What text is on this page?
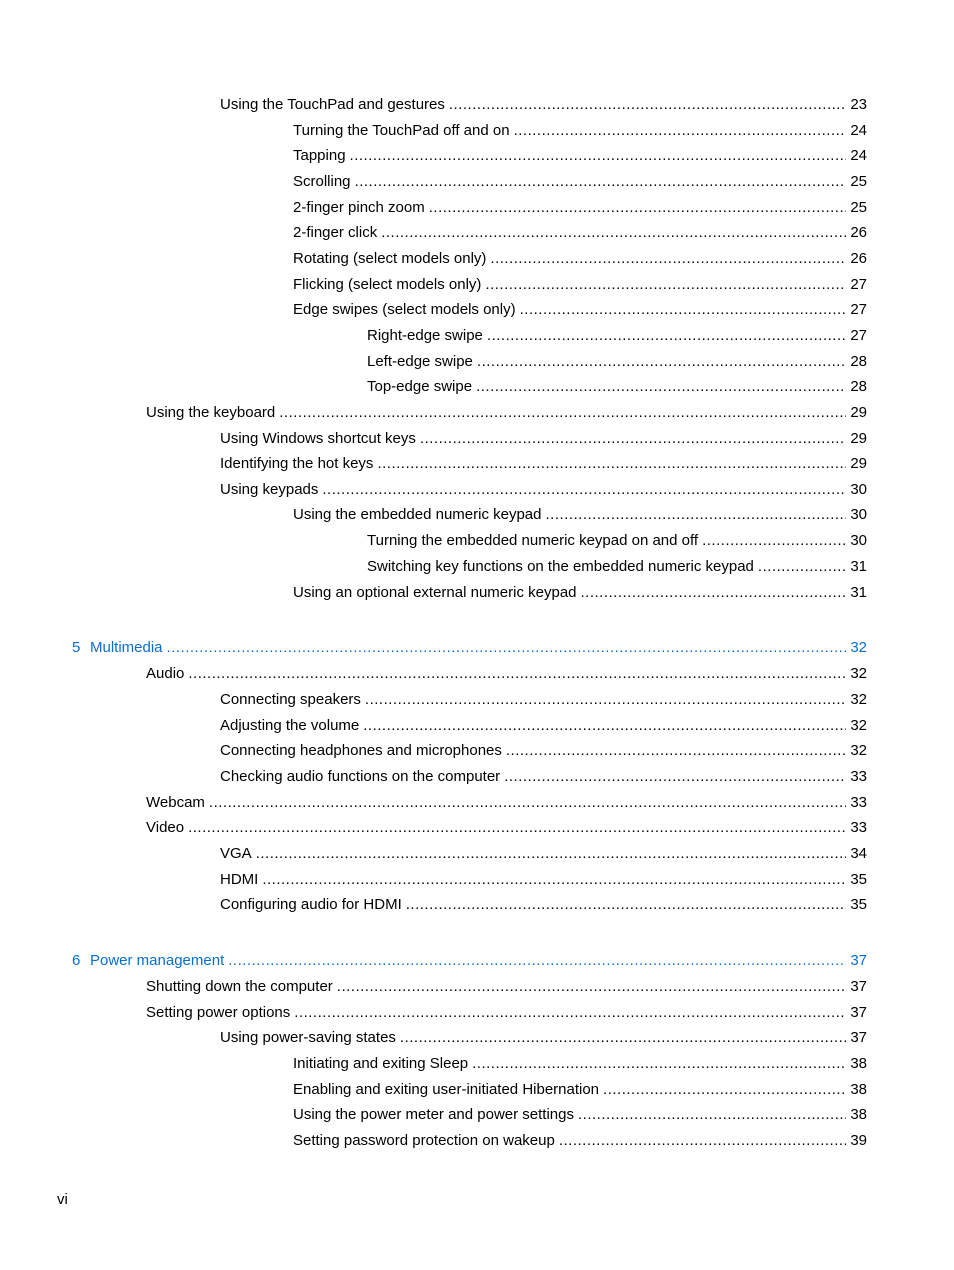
Using the TouchPad and gestures .....	23
Turning the TouchPad off and on .....	24
Tapping .....	24
Scrolling .....	25
2-finger pinch zoom .....	25
2-finger click .....	26
Rotating (select models only) .....	26
Flicking (select models only) .....	27
Edge swipes (select models only) .....	27
Right-edge swipe .....	27
Left-edge swipe .....	28
Top-edge swipe .....	28
Using the keyboard .....	29
Using Windows shortcut keys .....	29
Identifying the hot keys .....	29
Using keypads .....	30
Using the embedded numeric keypad .....	30
Turning the embedded numeric keypad on and off .....	30
Switching key functions on the embedded numeric keypad .....	31
Using an optional external numeric keypad .....	31
5 Multimedia .....	32
Audio .....	32
Connecting speakers .....	32
Adjusting the volume .....	32
Connecting headphones and microphones .....	32
Checking audio functions on the computer .....	33
Webcam .....	33
Video .....	33
VGA .....	34
HDMI .....	35
Configuring audio for HDMI .....	35
6 Power management .....	37
Shutting down the computer .....	37
Setting power options .....	37
Using power-saving states .....	37
Initiating and exiting Sleep .....	38
Enabling and exiting user-initiated Hibernation .....	38
Using the power meter and power settings .....	38
Setting password protection on wakeup .....	39
vi
